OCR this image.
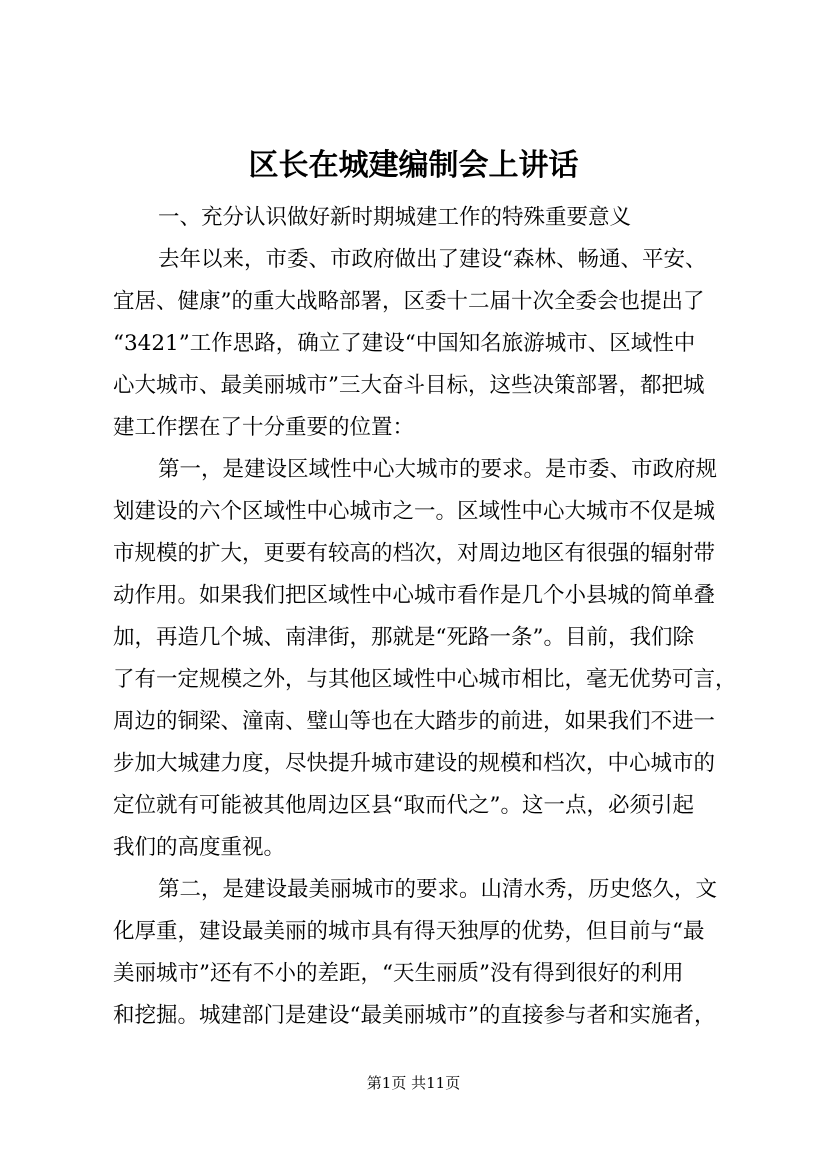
区长在城建编制会上讲话
一、充分认识做好新时期城建工作的特殊重要意义
去年以来，市委、市政府做出了建设“森林、畅通、平安、
宜居、健康”的重大战略部署，区委十二届十次全委会也提出了
“3421”工作思路，确立了建设“中国知名旅游城市、区域性中
心大城市、最美丽城市”三大奋斗目标，这些决策部署，都把城
建工作摆在了十分重要的位置：
第一，是建设区域性中心大城市的要求。是市委、市政府规
划建设的六个区域性中心城市之一。区域性中心大城市不仅是城
市规模的扩大，更要有较高的档次，对周边地区有很强的辐射带
动作用。如果我们把区域性中心城市看作是几个小县城的简单叠
加，再造几个城、南津街，那就是“死路一条”。目前，我们除
了有一定规模之外，与其他区域性中心城市相比，毫无优势可言，
周边的铜梁、潼南、璧山等也在大踏步的前进，如果我们不进一
步加大城建力度，尽快提升城市建设的规模和档次，中心城市的
定位就有可能被其他周边区县“取而代之”。这一点，必须引起
我们的高度重视。
第二，是建设最美丽城市的要求。山清水秀，历史悠久，文
化厚重，建设最美丽的城市具有得天独厚的优势，但目前与“最
美丽城市”还有不小的差距，“天生丽质”没有得到很好的利用
和挖掘。城建部门是建设“最美丽城市”的直接参与者和实施者，
第1页 共11页
